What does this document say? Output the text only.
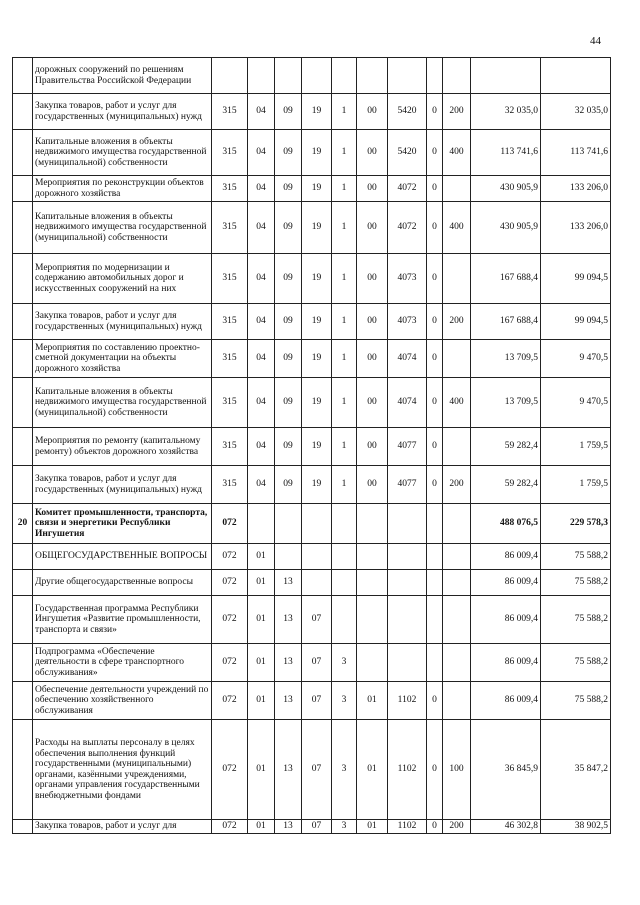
44
	дорожных сооружений по решениям Правительства Российской Федерации											
	Закупка товаров, работ и услуг для государственных (муниципальных) нужд	315	04	09	19	1	00	5420	0	200	32 035,0	32 035,0
	Капитальные вложения в объекты недвижимого имущества государственной (муниципальной) собственности	315	04	09	19	1	00	5420	0	400	113 741,6	113 741,6
	Мероприятия по реконструкции объектов дорожного хозяйства	315	04	09	19	1	00	4072	0		430 905,9	133 206,0
	Капитальные вложения в объекты недвижимого имущества государственной (муниципальной) собственности	315	04	09	19	1	00	4072	0	400	430 905,9	133 206,0
	Мероприятия по модернизации и содержанию автомобильных дорог и искусственных сооружений на них	315	04	09	19	1	00	4073	0		167 688,4	99 094,5
	Закупка товаров, работ и услуг для государственных (муниципальных) нужд	315	04	09	19	1	00	4073	0	200	167 688,4	99 094,5
	Мероприятия по составлению проектно-сметной документации на объекты дорожного хозяйства	315	04	09	19	1	00	4074	0		13 709,5	9 470,5
	Капитальные вложения в объекты недвижимого имущества государственной (муниципальной) собственности	315	04	09	19	1	00	4074	0	400	13 709,5	9 470,5
	Мероприятия по ремонту (капитальному ремонту) объектов дорожного хозяйства	315	04	09	19	1	00	4077	0		59 282,4	1 759,5
	Закупка товаров, работ и услуг для государственных (муниципальных) нужд	315	04	09	19	1	00	4077	0	200	59 282,4	1 759,5
20	Комитет промышленности, транспорта, связи и энергетики Республики Ингушетия	072									488 076,5	229 578,3
	ОБЩЕГОСУДАРСТВЕННЫЕ ВОПРОСЫ	072	01								86 009,4	75 588,2
	Другие общегосударственные вопросы	072	01	13							86 009,4	75 588,2
	Государственная программа Республики Ингушетия «Развитие промышленности, транспорта и связи»	072	01	13	07						86 009,4	75 588,2
	Подпрограмма «Обеспечение деятельности в сфере транспортного обслуживания»	072	01	13	07	3					86 009,4	75 588,2
	Обеспечение деятельности учреждений по обеспечению хозяйственного обслуживания	072	01	13	07	3	01	1102	0		86 009,4	75 588,2
	Расходы на выплаты персоналу в целях обеспечения выполнения функций государственными (муниципальными) органами, казёнными учреждениями, органами управления государственными внебюджетными фондами	072	01	13	07	3	01	1102	0	100	36 845,9	35 847,2
	Закупка товаров, работ и услуг для	072	01	13	07	3	01	1102	0	200	46 302,8	38 902,5
